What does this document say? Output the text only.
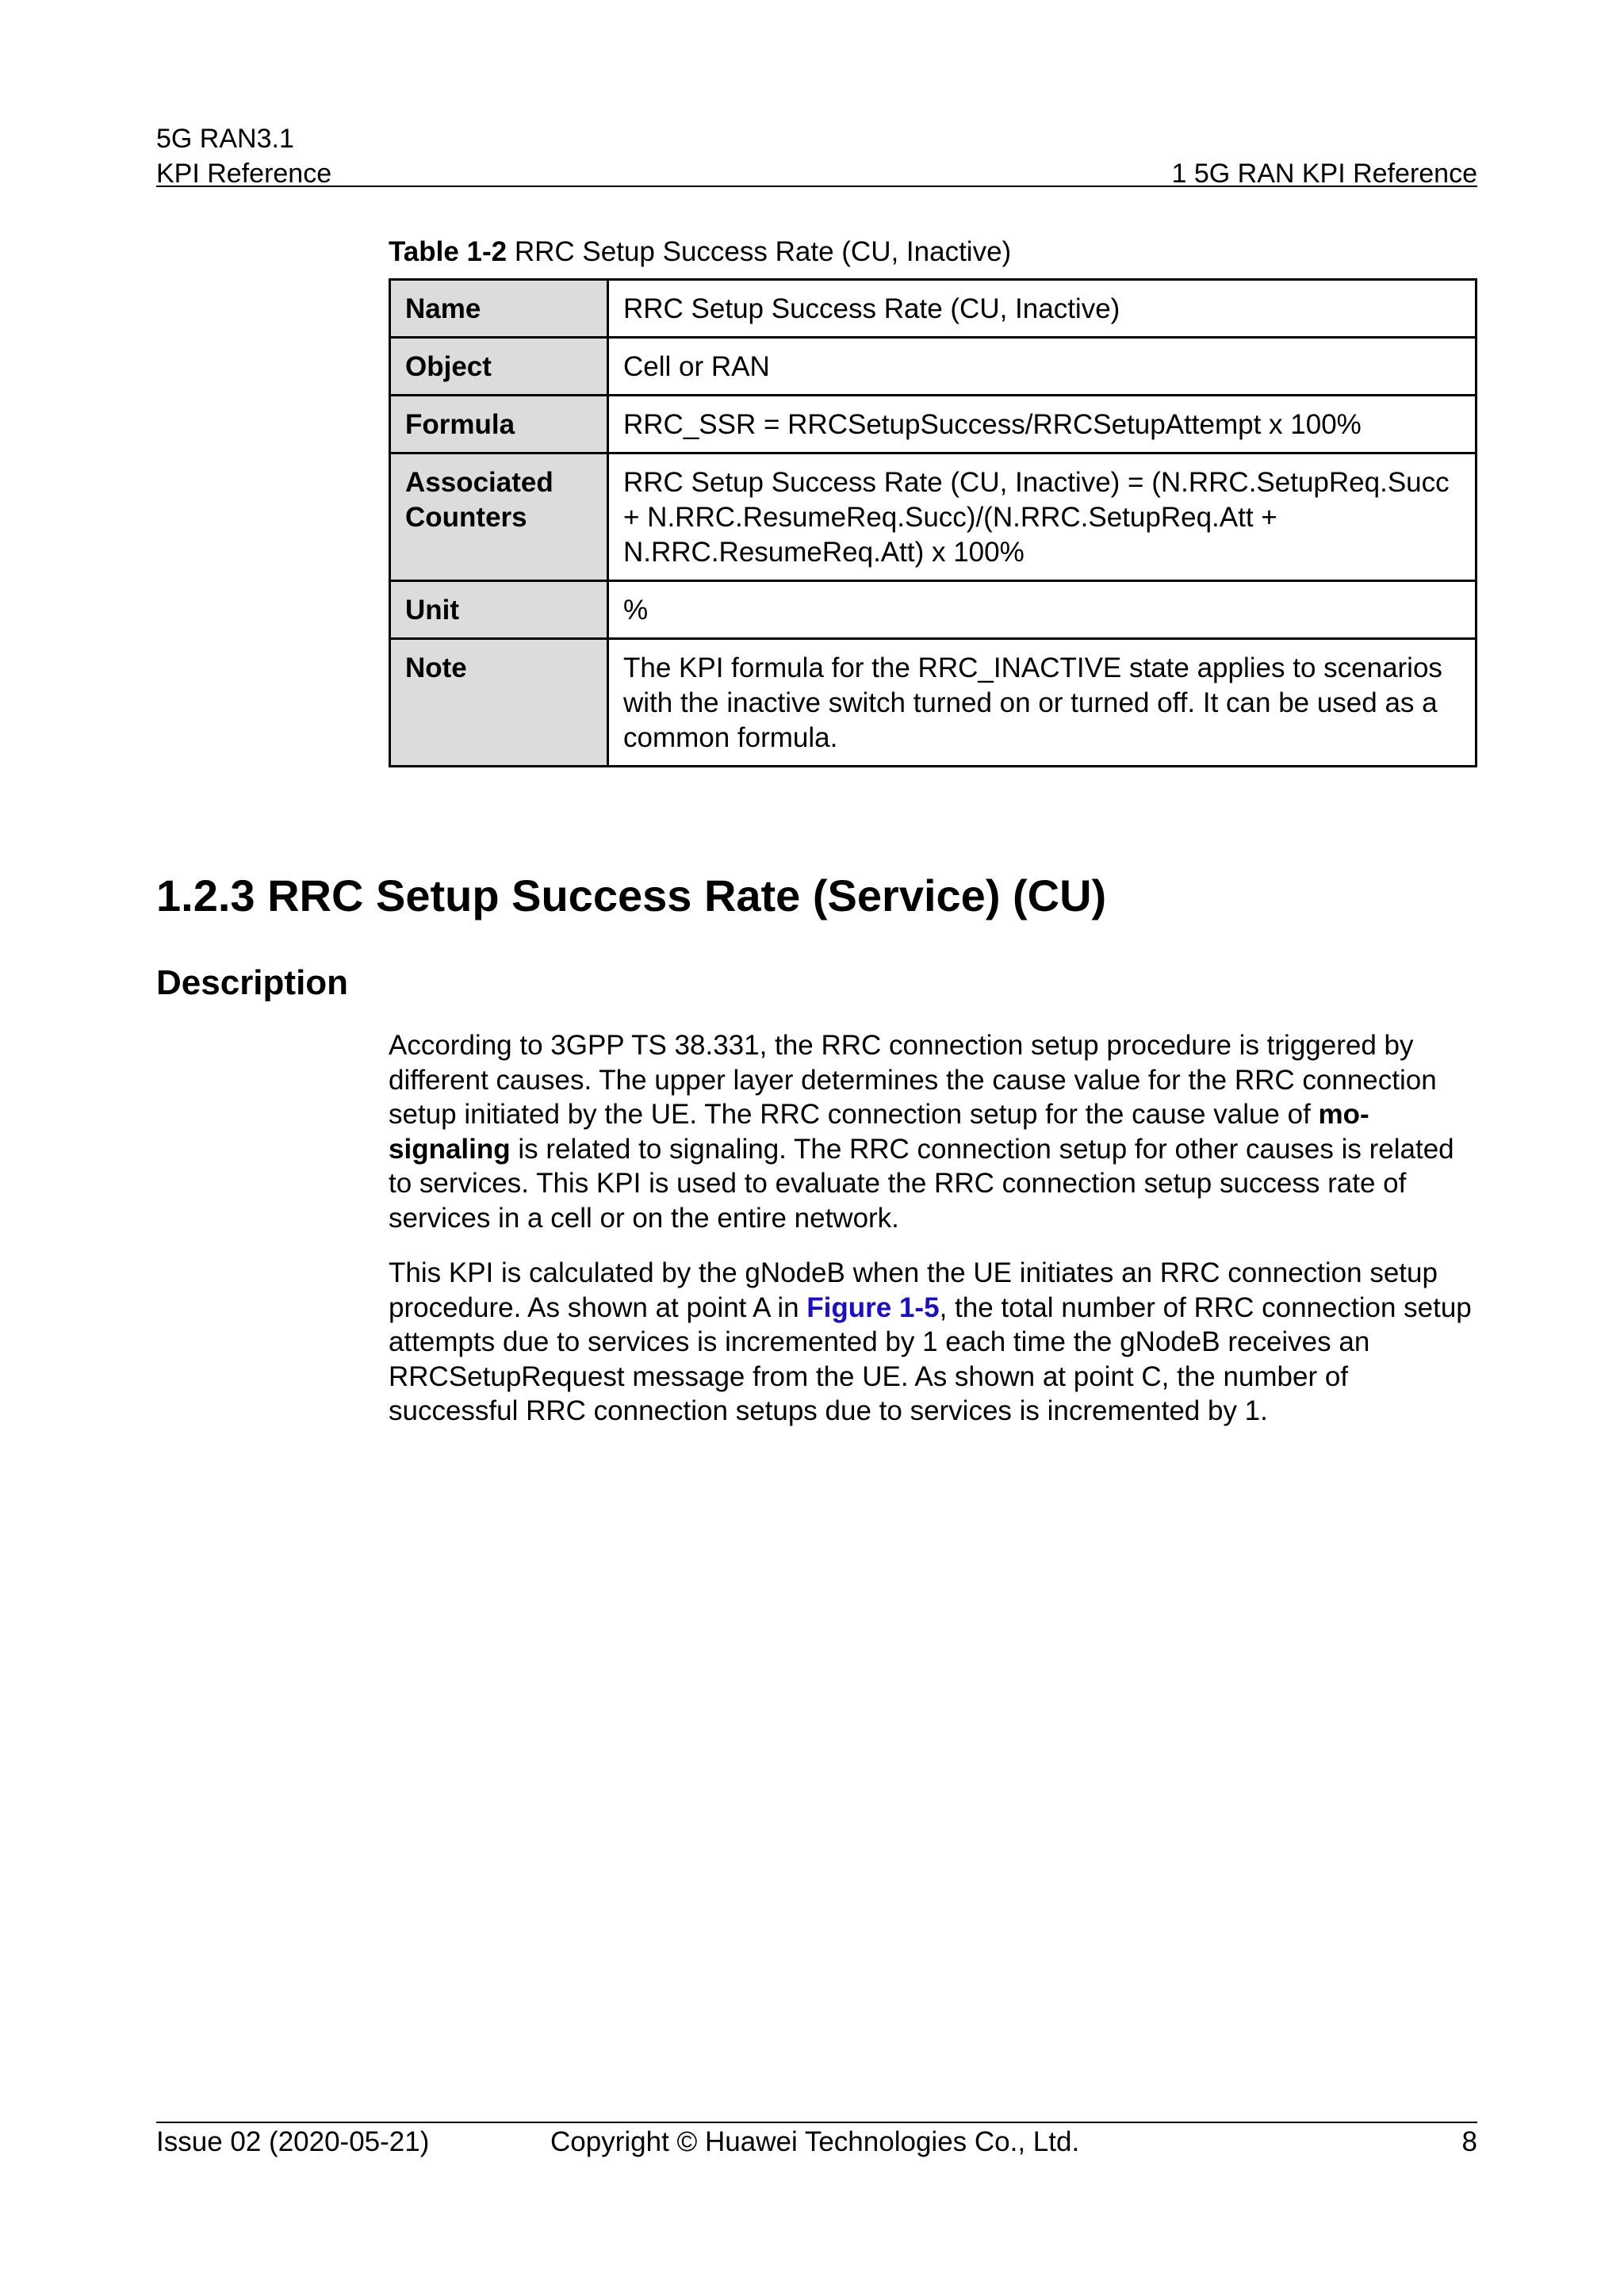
5G RAN3.1
KPI Reference	1 5G RAN KPI Reference
Table 1-2 RRC Setup Success Rate (CU, Inactive)
Name	RRC Setup Success Rate (CU, Inactive)
Object	Cell or RAN
Formula	RRC_SSR = RRCSetupSuccess/RRCSetupAttempt x 100%
Associated Counters	RRC Setup Success Rate (CU, Inactive) = (N.RRC.SetupReq.Succ + N.RRC.ResumeReq.Succ)/(N.RRC.SetupReq.Att + N.RRC.ResumeReq.Att) x 100%
Unit	%
Note	The KPI formula for the RRC_INACTIVE state applies to scenarios with the inactive switch turned on or turned off. It can be used as a common formula.
1.2.3 RRC Setup Success Rate (Service) (CU)
Description

According to 3GPP TS 38.331, the RRC connection setup procedure is triggered by different causes. The upper layer determines the cause value for the RRC connection setup initiated by the UE. The RRC connection setup for the cause value of mo-signaling is related to signaling. The RRC connection setup for other causes is related to services. This KPI is used to evaluate the RRC connection setup success rate of services in a cell or on the entire network.

This KPI is calculated by the gNodeB when the UE initiates an RRC connection setup procedure. As shown at point A in Figure 1-5, the total number of RRC connection setup attempts due to services is incremented by 1 each time the gNodeB receives an RRCSetupRequest message from the UE. As shown at point C, the number of successful RRC connection setups due to services is incremented by 1.

Issue 02 (2020-05-21)	Copyright © Huawei Technologies Co., Ltd.	8
